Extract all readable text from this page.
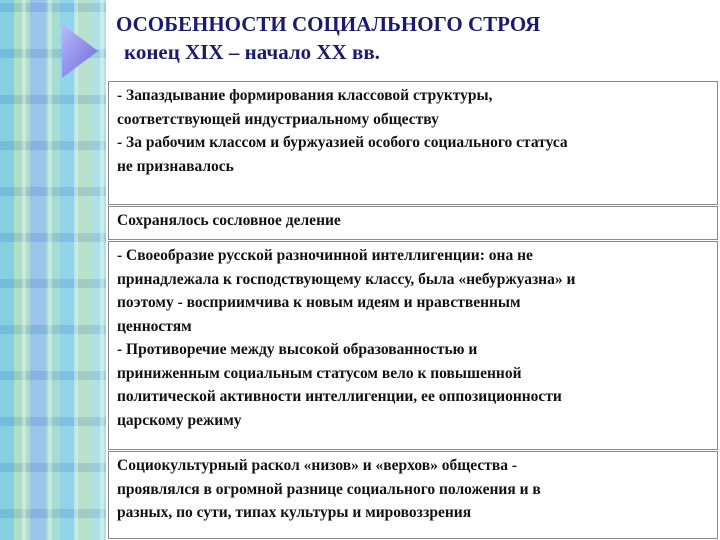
ОСОБЕННОСТИ СОЦИАЛЬНОГО СТРОЯ
конец XIX – начало XX вв.

- Запаздывание формирования классовой структуры,

соответствующей индустриальному обществу

- За рабочим классом и буржуазией особого социального статуса

не признавалось

Сохранялось сословное деление

- Своеобразие русской разночинной интеллигенции: она не

принадлежала к господствующему классу, была «небуржуазна» и

поэтому - восприимчива к новым идеям и нравственным

ценностям

- Противоречие между высокой образованностью и

приниженным социальным статусом вело к повышенной

политической активности интеллигенции, ее оппозиционности

царскому режиму

Социокультурный раскол «низов» и «верхов» общества -

проявлялся в огромной разнице социального положения и в

разных, по сути, типах культуры и мировоззрения
